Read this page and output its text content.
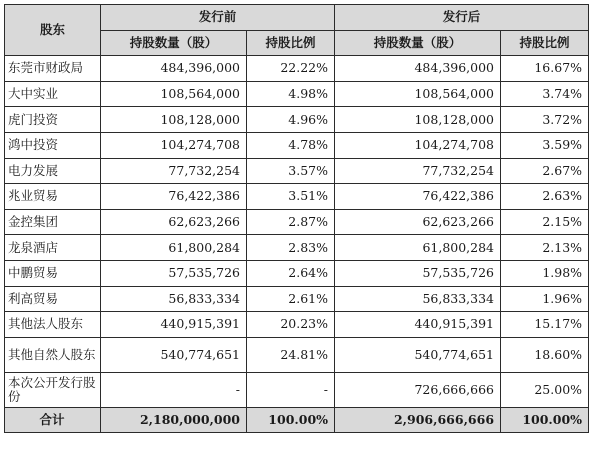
股东	发行前		发行后	
	持股数量（股）	持股比例	持股数量（股）	持股比例
东莞市财政局	484,396,000	22.22%	484,396,000	16.67%
大中实业	108,564,000	4.98%	108,564,000	3.74%
虎门投资	108,128,000	4.96%	108,128,000	3.72%
鸿中投资	104,274,708	4.78%	104,274,708	3.59%
电力发展	77,732,254	3.57%	77,732,254	2.67%
兆业贸易	76,422,386	3.51%	76,422,386	2.63%
金控集团	62,623,266	2.87%	62,623,266	2.15%
龙泉酒店	61,800,284	2.83%	61,800,284	2.13%
中鹏贸易	57,535,726	2.64%	57,535,726	1.98%
利高贸易	56,833,334	2.61%	56,833,334	1.96%
其他法人股东	440,915,391	20.23%	440,915,391	15.17%
其他自然人股东	540,774,651	24.81%	540,774,651	18.60%
本次公开发行股份	-	-	726,666,666	25.00%
合计	2,180,000,000	100.00%	2,906,666,666	100.00%
